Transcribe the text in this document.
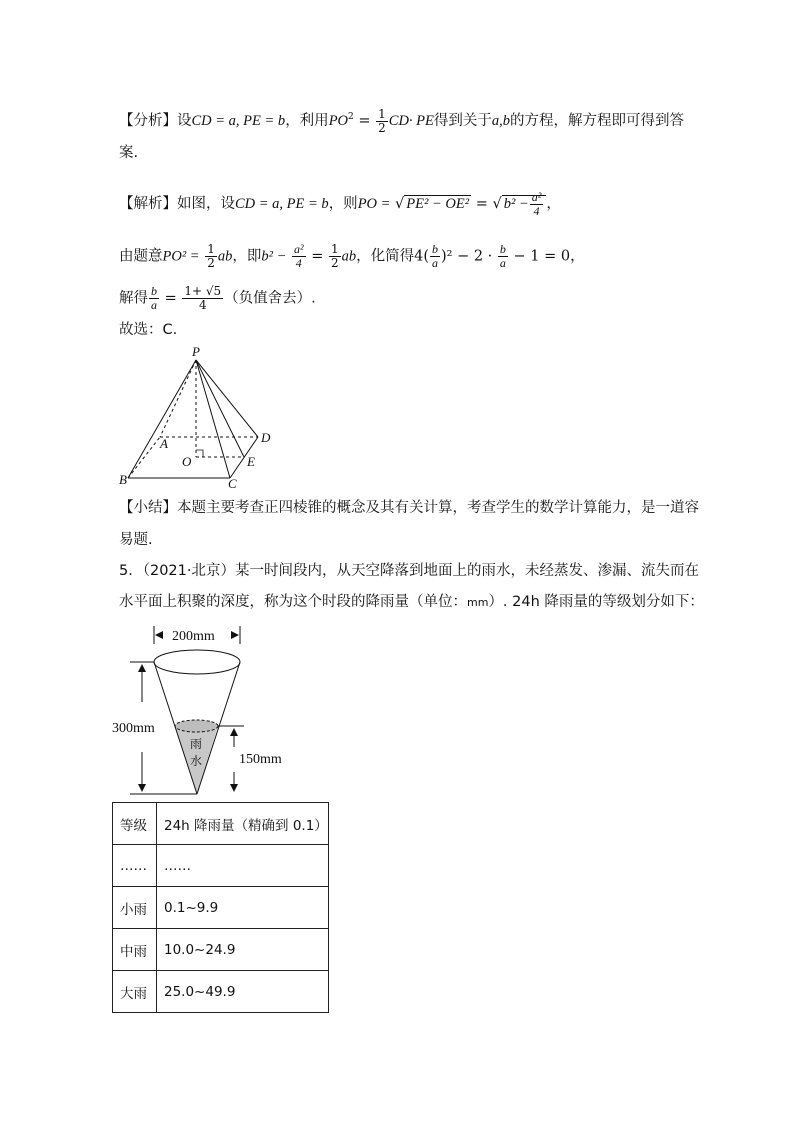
【分析】设CD = a, PE = b，利用$PO^2 = \frac{1}{2} CD\cdot$ PE得到关于a,b的方程，解方程即可得到答
案.
【解析】如图，设CD = a, PE = b，则PO = √ PE² − OE² = √ $b^2 - \frac{\text{a²}}{4}$ ，
由题意$PO^2 = \frac{1}{2}$ ab，即$b^2 - \frac{\text{a²}}{4} = \frac{1}{2}$ ab，化简得$4( \frac{b}{a} )^2 - 2 \cdot \frac{b}{a} - 1 = 0$，
解得 $\frac{b}{a} = \frac{1+ √5}{4}$ （负值舍去）.
故选：C.
P
A	D
O	E
B	C
【小结】本题主要考查正四棱锥的概念及其有关计算，考查学生的数学计算能力，是一道容
易题.
5．（2021·北京）某一时间段内，从天空降落到地面上的雨水，未经蒸发、渗漏、流失而在
水平面上积聚的深度，称为这个时段的降雨量（单位：mm）. 24h 降雨量的等级划分如下：
200mm
300mm
150mm
雨
水
等级	24h 降雨量（精确到 0.1）
……	……
小雨	0.1~9.9
中雨	10.0~24.9
大雨	25.0~49.9
